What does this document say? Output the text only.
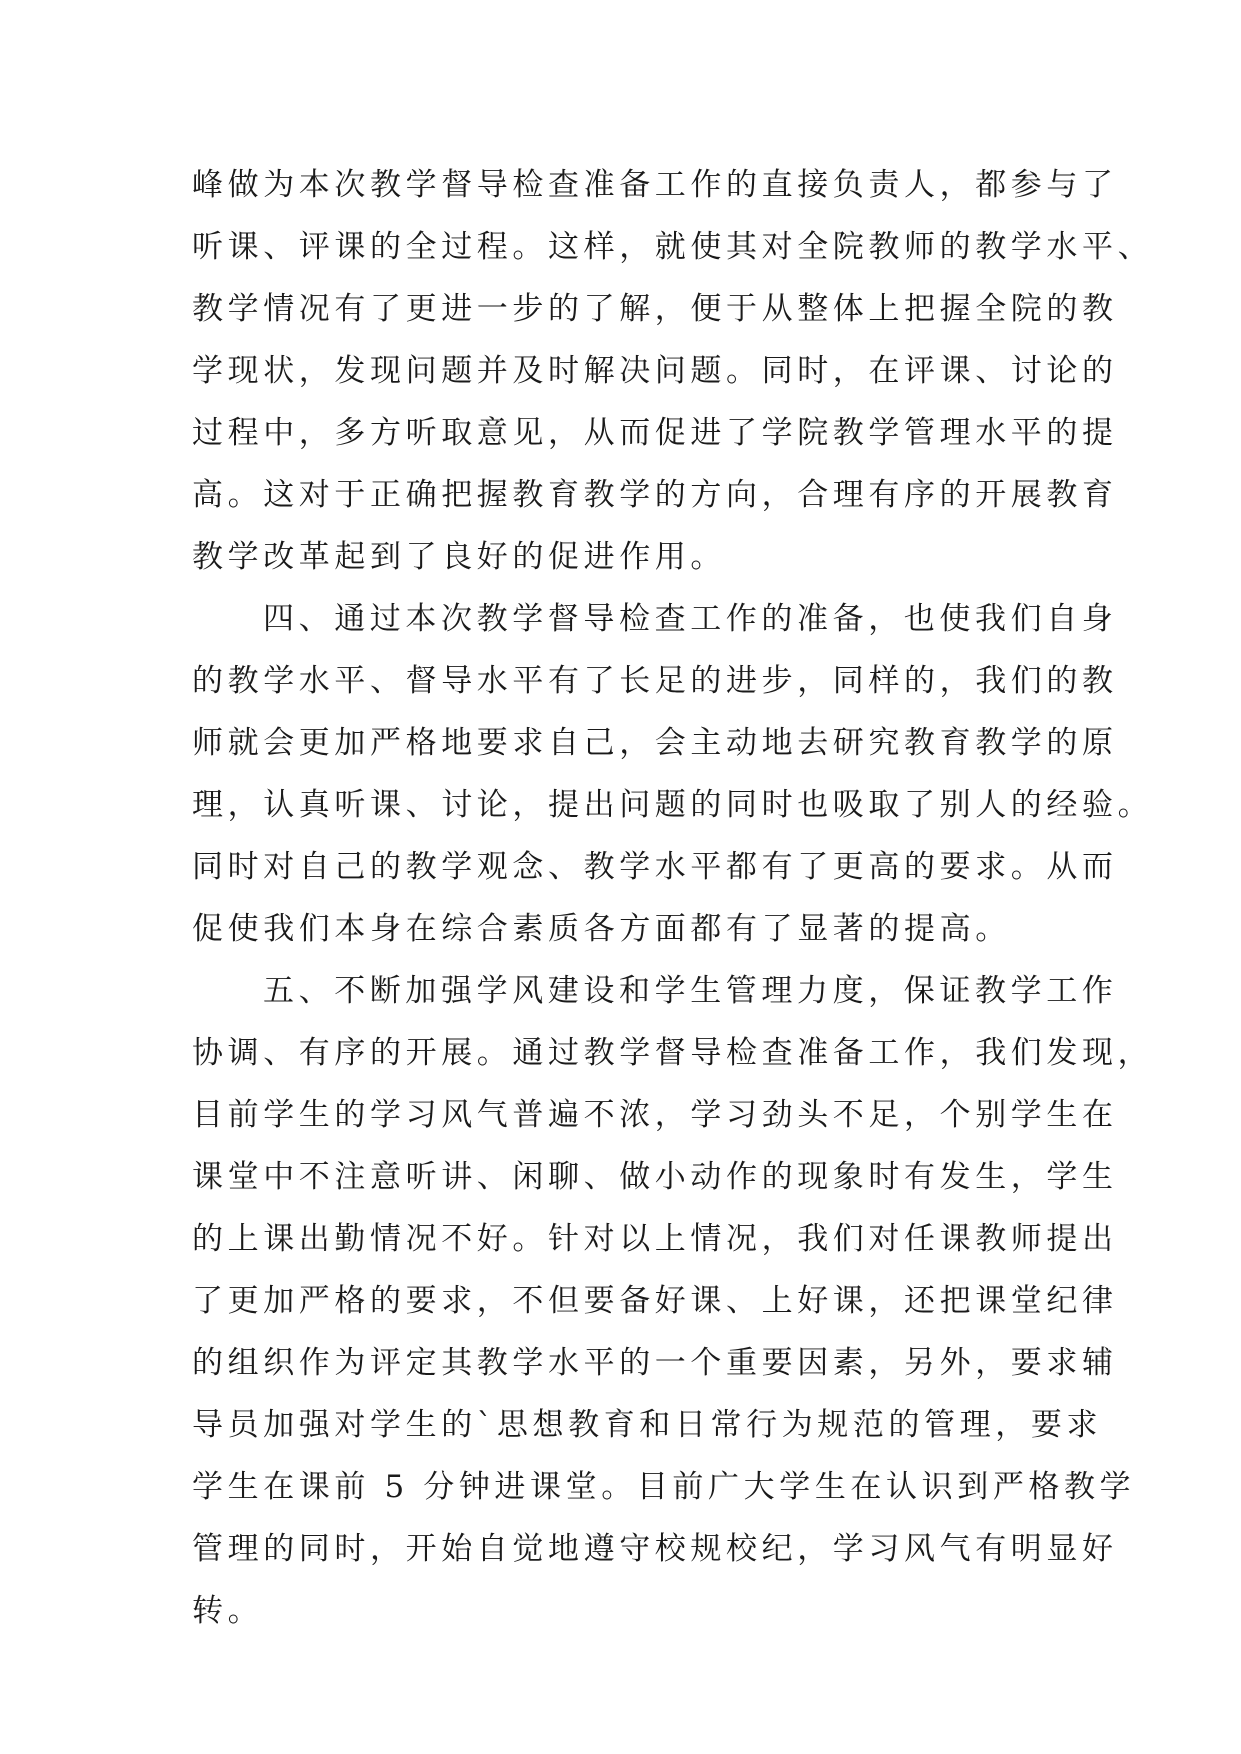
峰做为本次教学督导检查准备工作的直接负责人，都参与了
听课、评课的全过程。这样，就使其对全院教师的教学水平、
教学情况有了更进一步的了解，便于从整体上把握全院的教
学现状，发现问题并及时解决问题。同时，在评课、讨论的
过程中，多方听取意见，从而促进了学院教学管理水平的提
高。这对于正确把握教育教学的方向，合理有序的开展教育
教学改革起到了良好的促进作用。
四、通过本次教学督导检查工作的准备，也使我们自身
的教学水平、督导水平有了长足的进步，同样的，我们的教
师就会更加严格地要求自己，会主动地去研究教育教学的原
理，认真听课、讨论，提出问题的同时也吸取了别人的经验。
同时对自己的教学观念、教学水平都有了更高的要求。从而
促使我们本身在综合素质各方面都有了显著的提高。
五、不断加强学风建设和学生管理力度，保证教学工作
协调、有序的开展。通过教学督导检查准备工作，我们发现，
目前学生的学习风气普遍不浓，学习劲头不足，个别学生在
课堂中不注意听讲、闲聊、做小动作的现象时有发生，学生
的上课出勤情况不好。针对以上情况，我们对任课教师提出
了更加严格的要求，不但要备好课、上好课，还把课堂纪律
的组织作为评定其教学水平的一个重要因素，另外，要求辅
导员加强对学生的`思想教育和日常行为规范的管理，要求
学生在课前 5 分钟进课堂。目前广大学生在认识到严格教学
管理的同时，开始自觉地遵守校规校纪，学习风气有明显好
转。
